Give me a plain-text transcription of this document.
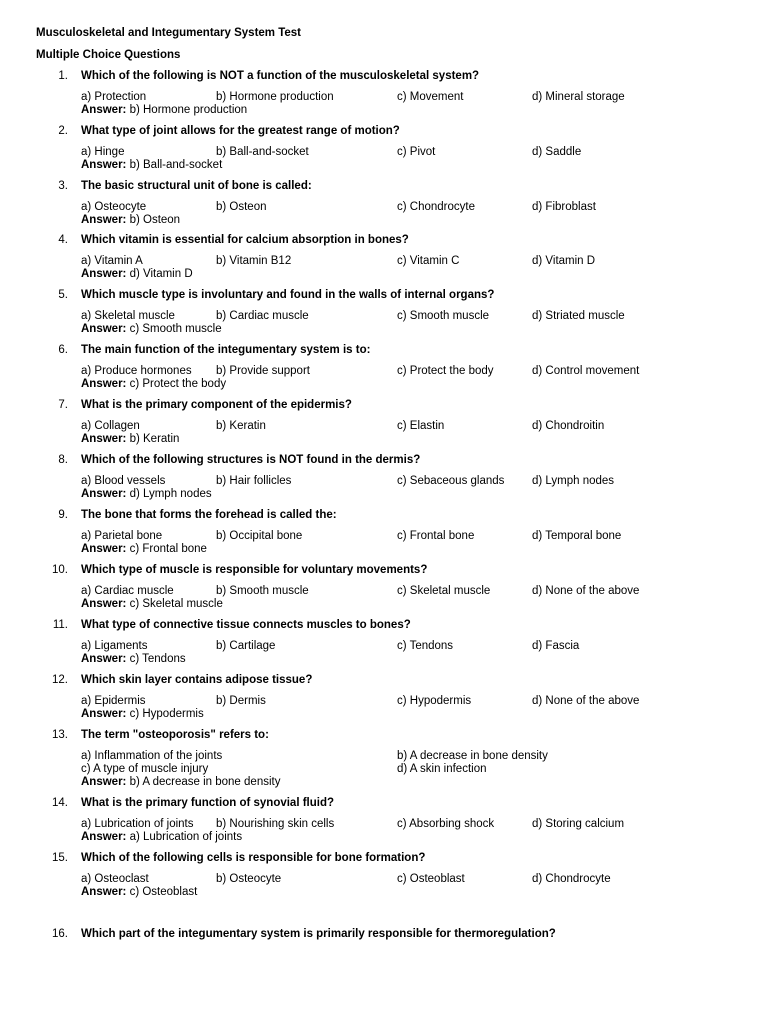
Musculoskeletal and Integumentary System Test
Multiple Choice Questions
1. Which of the following is NOT a function of the musculoskeletal system?
a) Protection	b) Hormone production	c) Movement	d) Mineral storage
Answer: b) Hormone production
2. What type of joint allows for the greatest range of motion?
a) Hinge	b) Ball-and-socket	c) Pivot	d) Saddle
Answer: b) Ball-and-socket
3. The basic structural unit of bone is called:
a) Osteocyte	b) Osteon	c) Chondrocyte	d) Fibroblast
Answer: b) Osteon
4. Which vitamin is essential for calcium absorption in bones?
a) Vitamin A	b) Vitamin B12	c) Vitamin C	d) Vitamin D
Answer: d) Vitamin D
5. Which muscle type is involuntary and found in the walls of internal organs?
a) Skeletal muscle	b) Cardiac muscle	c) Smooth muscle	d) Striated muscle
Answer: c) Smooth muscle
6. The main function of the integumentary system is to:
a) Produce hormones b) Provide support	c) Protect the body	d) Control movement
Answer: c) Protect the body
7. What is the primary component of the epidermis?
a) Collagen	b) Keratin	c) Elastin	d) Chondroitin
Answer: b) Keratin
8. Which of the following structures is NOT found in the dermis?
a) Blood vessels	b) Hair follicles	c) Sebaceous glands d) Lymph nodes
Answer: d) Lymph nodes
9. The bone that forms the forehead is called the:
a) Parietal bone	b) Occipital bone	c) Frontal bone	d) Temporal bone
Answer: c) Frontal bone
10. Which type of muscle is responsible for voluntary movements?
a) Cardiac muscle	b) Smooth muscle	c) Skeletal muscle	d) None of the above
Answer: c) Skeletal muscle
11. What type of connective tissue connects muscles to bones?
a) Ligaments	b) Cartilage	c) Tendons	d) Fascia
Answer: c) Tendons
12. Which skin layer contains adipose tissue?
a) Epidermis	b) Dermis	c) Hypodermis	d) None of the above
Answer: c) Hypodermis
13. The term "osteoporosis" refers to:
a) Inflammation of the joints	b) A decrease in bone density
c) A type of muscle injury	d) A skin infection
Answer: b) A decrease in bone density
14. What is the primary function of synovial fluid?
a) Lubrication of joints b) Nourishing skin cells	c) Absorbing shock	d) Storing calcium
Answer: a) Lubrication of joints
15. Which of the following cells is responsible for bone formation?
a) Osteoclast	b) Osteocyte	c) Osteoblast	d) Chondrocyte
Answer: c) Osteoblast
16. Which part of the integumentary system is primarily responsible for thermoregulation?
